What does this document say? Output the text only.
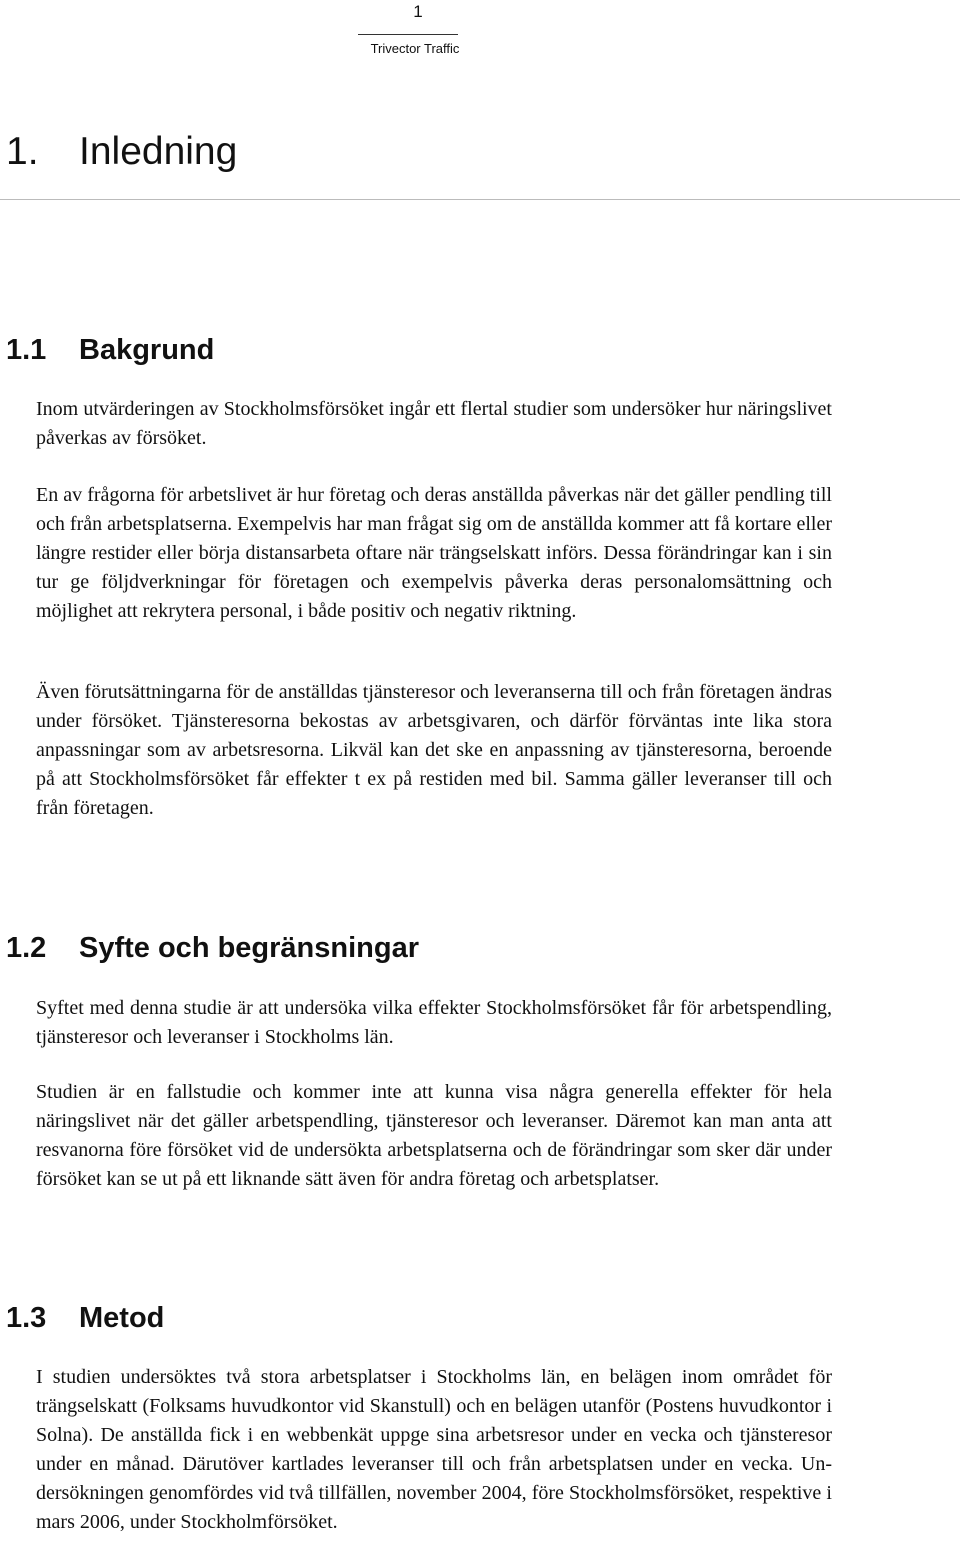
1
Trivector Traffic
1. Inledning
1.1 Bakgrund

Inom utvärderingen av Stockholmsförsöket ingår ett flertal studier som undersöker hur näringslivet påverkas av försöket.

En av frågorna för arbetslivet är hur företag och deras anställda påverkas när det gäller pendling till och från arbetsplatserna. Exempelvis har man frågat sig om de anställda kommer att få kortare eller längre restider eller börja distansarbeta oftare när trängselskatt införs. Dessa förändringar kan i sin tur ge följdverkningar för företagen och exempelvis påverka deras personalomsättning och möjlighet att rekrytera personal, i både positiv och negativ riktning.

Även förutsättningarna för de anställdas tjänsteresor och leveranserna till och från företagen ändras under försöket. Tjänsteresorna bekostas av arbetsgivaren, och därför förväntas inte lika stora anpassningar som av arbetsresorna. Likväl kan det ske en anpassning av tjänsteresorna, beroende på att Stockholmsförsöket får effekter t ex på restiden med bil. Samma gäller leveranser till och från företagen.

1.2 Syfte och begränsningar

Syftet med denna studie är att undersöka vilka effekter Stockholmsförsöket får för arbetspendling, tjänsteresor och leveranser i Stockholms län.

Studien är en fallstudie och kommer inte att kunna visa några generella effekter för hela näringslivet när det gäller arbetspendling, tjänsteresor och leveranser. Däremot kan man anta att resvanorna före försöket vid de undersökta arbetsplatserna och de förändringar som sker där under försöket kan se ut på ett liknande sätt även för andra företag och arbetsplatser.

1.3 Metod

I studien undersöktes två stora arbetsplatser i Stockholms län, en belägen inom området för trängselskatt (Folksams huvudkontor vid Skanstull) och en belägen utanför (Postens huvudkontor i Solna). De anställda fick i en webbenkät uppge sina arbetsresor under en vecka och tjänsteresor under en månad. Därutöver kartlades leveranser till och från arbetsplatsen under en vecka. Undersökningen genomfördes vid två tillfällen, november 2004, före Stockholmsförsöket, respektive i mars 2006, under Stockholmförsöket.
